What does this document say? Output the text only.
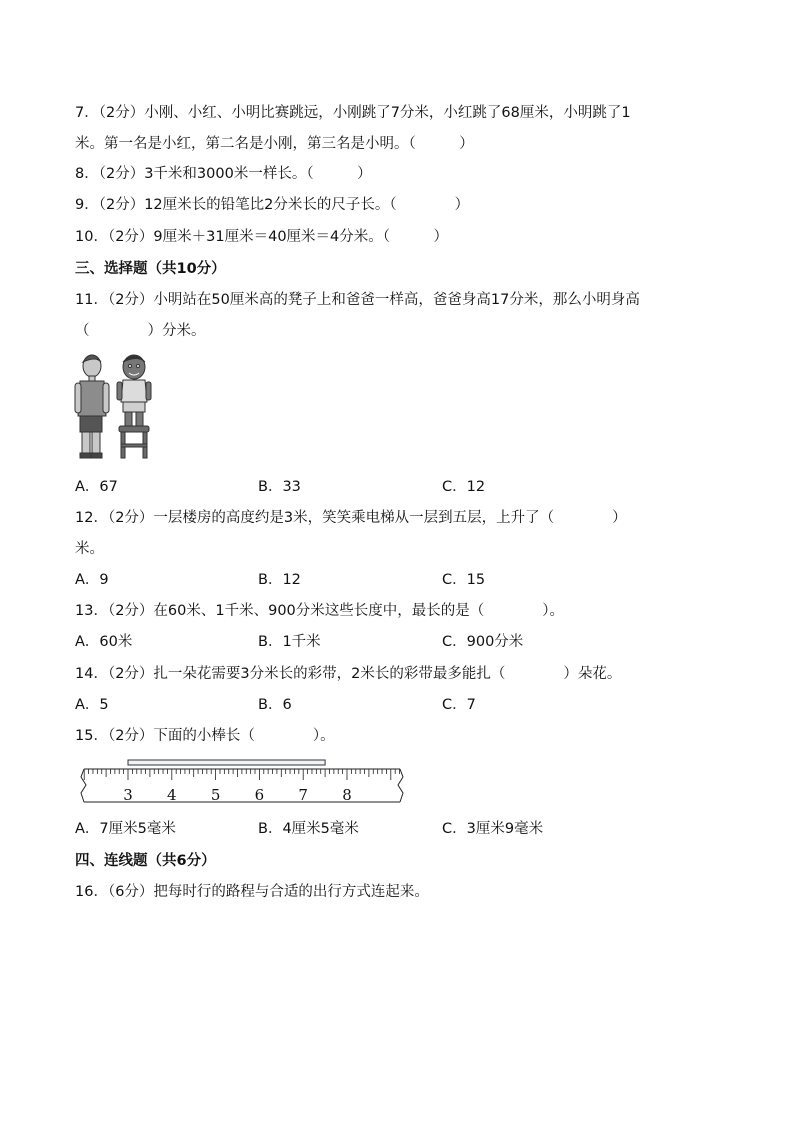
7．（2分）小刚、小红、小明比赛跳远，小刚跳了7分米，小红跳了68厘米，小明跳了1
米。第一名是小红，第二名是小刚，第三名是小明。（　　　）
8．（2分）3千米和3000米一样长。（　　　）
9．（2分）12厘米长的铅笔比2分米长的尺子长。（　　　　）
10．（2分）9厘米＋31厘米＝40厘米＝4分米。（　　　）
三、选择题（共10分）
11．（2分）小明站在50厘米高的凳子上和爸爸一样高，爸爸身高17分米，那么小明身高
（　　　　）分米。
A．67	B．33	C．12
12．（2分）一层楼房的高度约是3米，笑笑乘电梯从一层到五层，上升了（　　　　）
米。
A．9	B．12	C．15
13．（2分）在60米、1千米、900分米这些长度中，最长的是（　　　　）。
A．60米	B．1千米	C．900分米
14．（2分）扎一朵花需要3分米长的彩带，2米长的彩带最多能扎（　　　　）朵花。
A．5	B．6	C．7
15．（2分）下面的小棒长（　　　　）。
3 4 5 6 7 8
A．7厘米5毫米	B．4厘米5毫米	C．3厘米9毫米
四、连线题（共6分）
16．（6分）把每时行的路程与合适的出行方式连起来。
